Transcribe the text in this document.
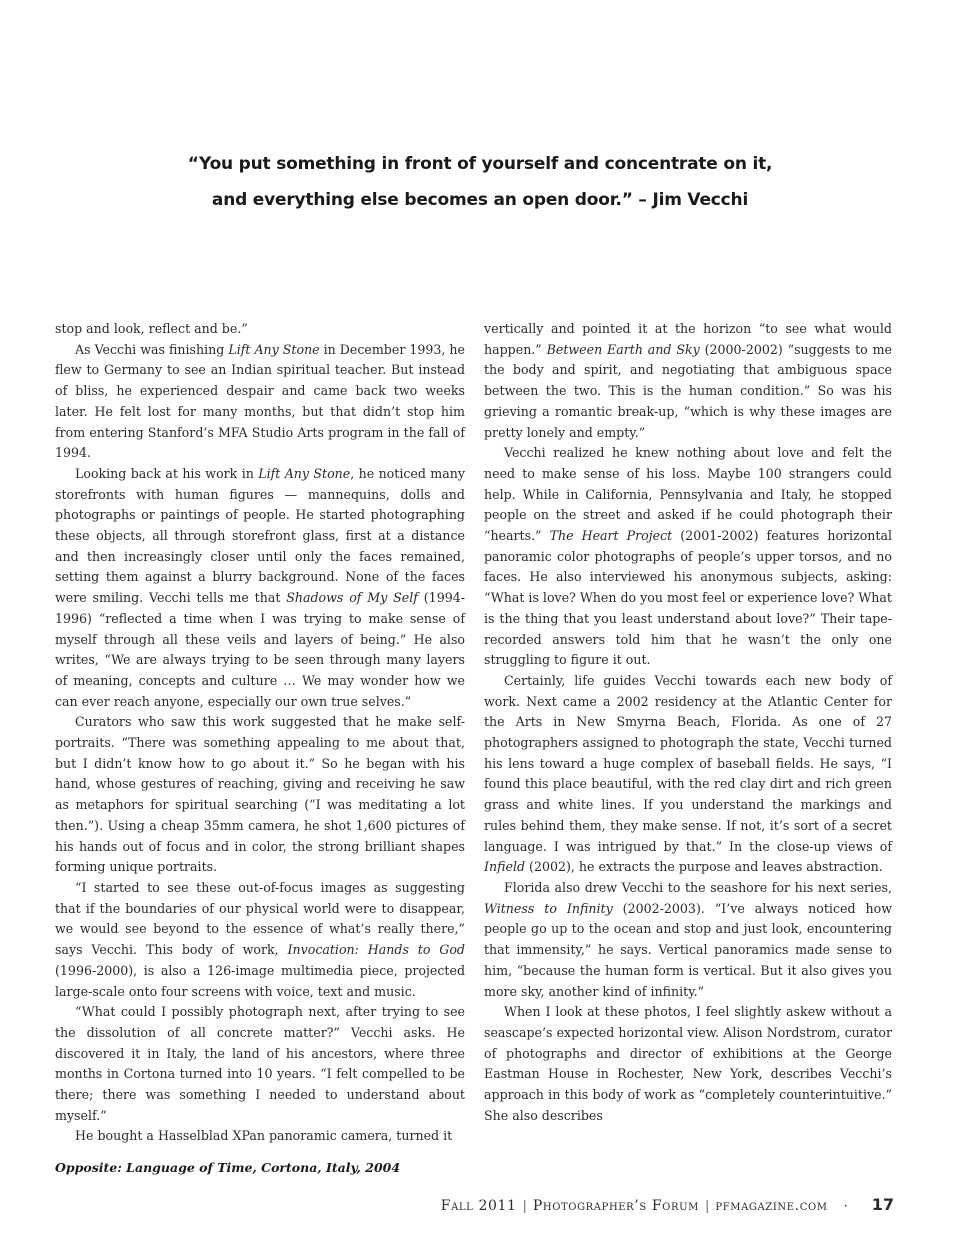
“You put something in front of yourself and concentrate on it,
and everything else becomes an open door.” – Jim Vecchi

stop and look, reflect and be.”

As Vecchi was finishing Lift Any Stone in December 1993, he flew to Germany to see an Indian spiritual teacher. But instead of bliss, he experienced despair and came back two weeks later. He felt lost for many months, but that didn’t stop him from entering Stanford’s MFA Studio Arts program in the fall of 1994.

Looking back at his work in Lift Any Stone, he noticed many storefronts with human figures — mannequins, dolls and photographs or paintings of people. He started photographing these objects, all through storefront glass, first at a distance and then increasingly closer until only the faces remained, setting them against a blurry background. None of the faces were smiling. Vecchi tells me that Shadows of My Self (1994-1996) “reflected a time when I was trying to make sense of myself through all these veils and layers of being.” He also writes, “We are always trying to be seen through many layers of meaning, concepts and culture … We may wonder how we can ever reach anyone, especially our own true selves.”

Curators who saw this work suggested that he make self-portraits. “There was something appealing to me about that, but I didn’t know how to go about it.” So he began with his hand, whose gestures of reaching, giving and receiving he saw as metaphors for spiritual searching (“I was meditating a lot then.”). Using a cheap 35mm camera, he shot 1,600 pictures of his hands out of focus and in color, the strong brilliant shapes forming unique portraits.

“I started to see these out-of-focus images as suggesting that if the boundaries of our physical world were to disappear, we would see beyond to the essence of what’s really there,” says Vecchi. This body of work, Invocation: Hands to God (1996-2000), is also a 126-image multimedia piece, projected large-scale onto four screens with voice, text and music.

“What could I possibly photograph next, after trying to see the dissolution of all concrete matter?” Vecchi asks. He discovered it in Italy, the land of his ancestors, where three months in Cortona turned into 10 years. “I felt compelled to be there; there was something I needed to understand about myself.”

He bought a Hasselblad XPan panoramic camera, turned it

vertically and pointed it at the horizon “to see what would happen.” Between Earth and Sky (2000-2002) “suggests to me the body and spirit, and negotiating that ambiguous space between the two. This is the human condition.” So was his grieving a romantic break-up, “which is why these images are pretty lonely and empty.”

Vecchi realized he knew nothing about love and felt the need to make sense of his loss. Maybe 100 strangers could help. While in California, Pennsylvania and Italy, he stopped people on the street and asked if he could photograph their “hearts.” The Heart Project (2001-2002) features horizontal panoramic color photographs of people’s upper torsos, and no faces. He also interviewed his anonymous subjects, asking: “What is love? When do you most feel or experience love? What is the thing that you least understand about love?” Their tape-recorded answers told him that he wasn’t the only one struggling to figure it out.

Certainly, life guides Vecchi towards each new body of work. Next came a 2002 residency at the Atlantic Center for the Arts in New Smyrna Beach, Florida. As one of 27 photographers assigned to photograph the state, Vecchi turned his lens toward a huge complex of baseball fields. He says, “I found this place beautiful, with the red clay dirt and rich green grass and white lines. If you understand the markings and rules behind them, they make sense. If not, it’s sort of a secret language. I was intrigued by that.” In the close-up views of Infield (2002), he extracts the purpose and leaves abstraction.

Florida also drew Vecchi to the seashore for his next series, Witness to Infinity (2002-2003). “I’ve always noticed how people go up to the ocean and stop and just look, encountering that immensity,” he says. Vertical panoramics made sense to him, “because the human form is vertical. But it also gives you more sky, another kind of infinity.”

When I look at these photos, I feel slightly askew without a seascape’s expected horizontal view. Alison Nordstrom, curator of photographs and director of exhibitions at the George Eastman House in Rochester, New York, describes Vecchi’s approach in this body of work as “completely counterintuitive.” She also describes

Opposite: Language of Time, Cortona, Italy, 2004
Fall 2011 | Photographer’s Forum | pfmagazine.com · 17
